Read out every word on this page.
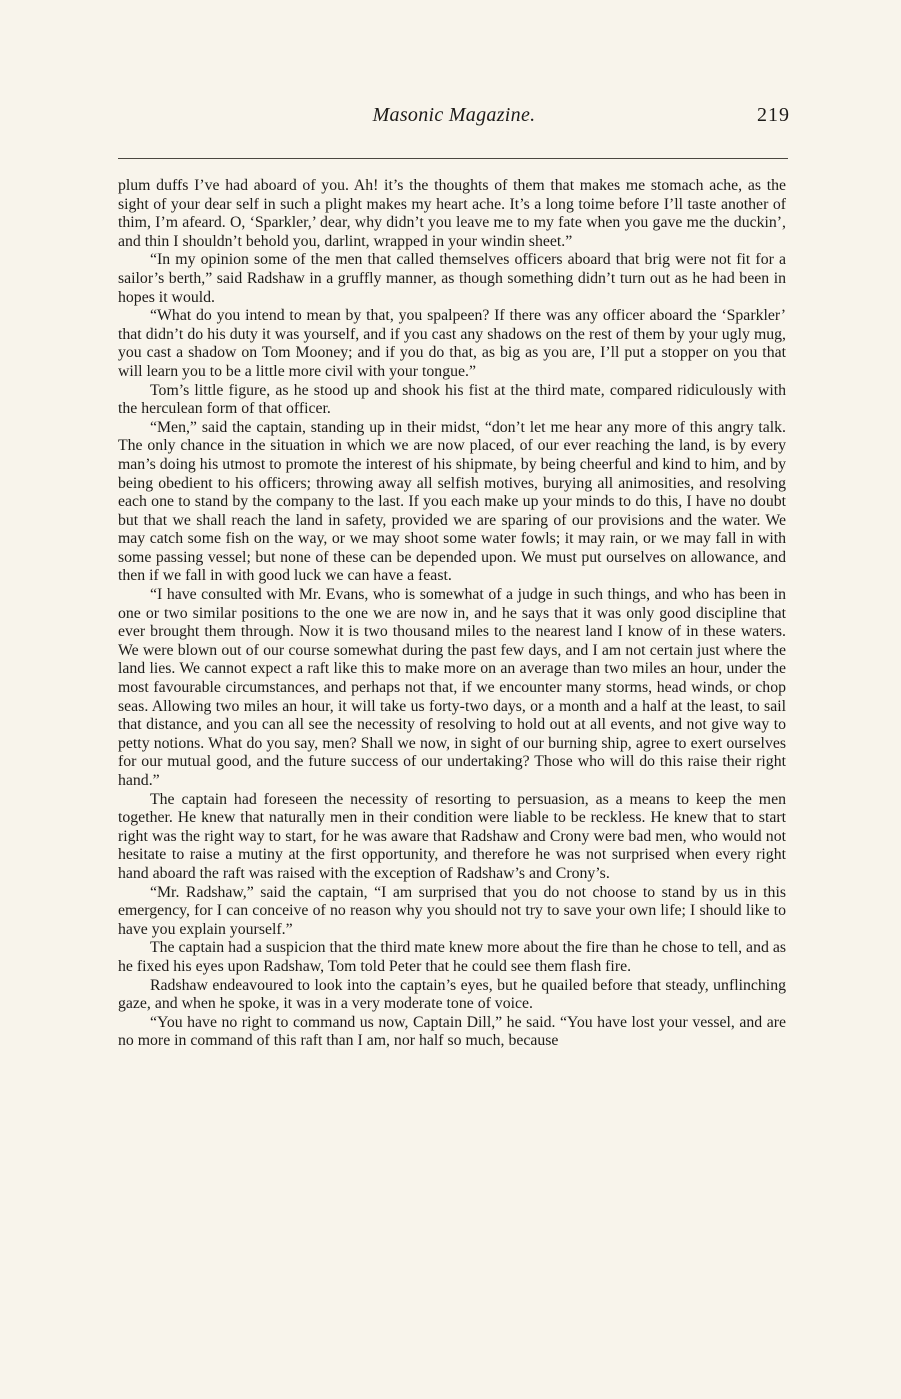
Masonic Magazine.	219

plum duffs I’ve had aboard of you. Ah! it’s the thoughts of them that makes me stomach ache, as the sight of your dear self in such a plight makes my heart ache. It’s a long toime before I’ll taste another of thim, I’m afeard. O, ‘Sparkler,’ dear, why didn’t you leave me to my fate when you gave me the duckin’, and thin I shouldn’t behold you, darlint, wrapped in your windin sheet.”

“In my opinion some of the men that called themselves officers aboard that brig were not fit for a sailor’s berth,” said Radshaw in a gruffly manner, as though something didn’t turn out as he had been in hopes it would.

“What do you intend to mean by that, you spalpeen? If there was any officer aboard the ‘Sparkler’ that didn’t do his duty it was yourself, and if you cast any shadows on the rest of them by your ugly mug, you cast a shadow on Tom Mooney; and if you do that, as big as you are, I’ll put a stopper on you that will learn you to be a little more civil with your tongue.”

Tom’s little figure, as he stood up and shook his fist at the third mate, compared ridiculously with the herculean form of that officer.

“Men,” said the captain, standing up in their midst, “don’t let me hear any more of this angry talk. The only chance in the situation in which we are now placed, of our ever reaching the land, is by every man’s doing his utmost to promote the interest of his shipmate, by being cheerful and kind to him, and by being obedient to his officers; throwing away all selfish motives, burying all animosities, and resolving each one to stand by the company to the last. If you each make up your minds to do this, I have no doubt but that we shall reach the land in safety, provided we are sparing of our provisions and the water. We may catch some fish on the way, or we may shoot some water fowls; it may rain, or we may fall in with some passing vessel; but none of these can be depended upon. We must put ourselves on allowance, and then if we fall in with good luck we can have a feast.

“I have consulted with Mr. Evans, who is somewhat of a judge in such things, and who has been in one or two similar positions to the one we are now in, and he says that it was only good discipline that ever brought them through. Now it is two thousand miles to the nearest land I know of in these waters. We were blown out of our course somewhat during the past few days, and I am not certain just where the land lies. We cannot expect a raft like this to make more on an average than two miles an hour, under the most favourable circumstances, and perhaps not that, if we encounter many storms, head winds, or chop seas. Allowing two miles an hour, it will take us forty-two days, or a month and a half at the least, to sail that distance, and you can all see the necessity of resolving to hold out at all events, and not give way to petty notions. What do you say, men? Shall we now, in sight of our burning ship, agree to exert ourselves for our mutual good, and the future success of our undertaking? Those who will do this raise their right hand.”

The captain had foreseen the necessity of resorting to persuasion, as a means to keep the men together. He knew that naturally men in their condition were liable to be reckless. He knew that to start right was the right way to start, for he was aware that Radshaw and Crony were bad men, who would not hesitate to raise a mutiny at the first opportunity, and therefore he was not surprised when every right hand aboard the raft was raised with the exception of Radshaw’s and Crony’s.

“Mr. Radshaw,” said the captain, “I am surprised that you do not choose to stand by us in this emergency, for I can conceive of no reason why you should not try to save your own life; I should like to have you explain yourself.”

The captain had a suspicion that the third mate knew more about the fire than he chose to tell, and as he fixed his eyes upon Radshaw, Tom told Peter that he could see them flash fire.

Radshaw endeavoured to look into the captain’s eyes, but he quailed before that steady, unflinching gaze, and when he spoke, it was in a very moderate tone of voice.

“You have no right to command us now, Captain Dill,” he said. “You have lost your vessel, and are no more in command of this raft than I am, nor half so much, because
